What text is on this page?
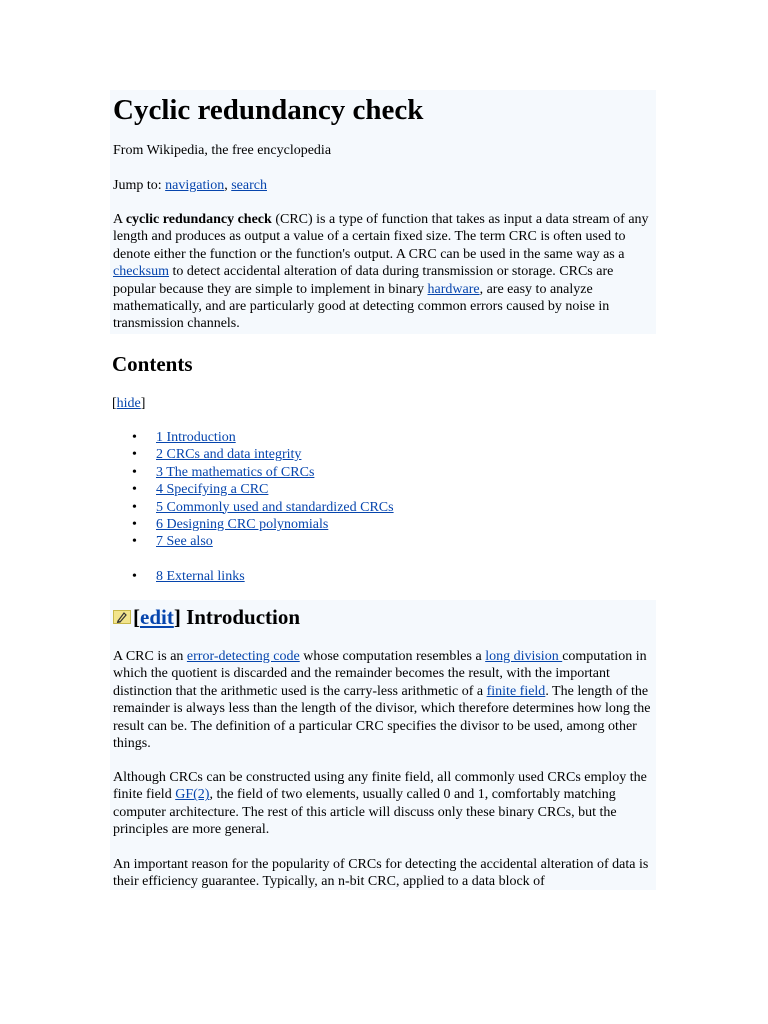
Cyclic redundancy check
From Wikipedia, the free encyclopedia
Jump to: navigation, search

A cyclic redundancy check (CRC) is a type of function that takes as input a data stream of any length and produces as output a value of a certain fixed size. The term CRC is often used to denote either the function or the function's output. A CRC can be used in the same way as a checksum to detect accidental alteration of data during transmission or storage. CRCs are popular because they are simple to implement in binary hardware, are easy to analyze mathematically, and are particularly good at detecting common errors caused by noise in transmission channels.

Contents
[hide]
• 1 Introduction
• 2 CRCs and data integrity
• 3 The mathematics of CRCs
• 4 Specifying a CRC
• 5 Commonly used and standardized CRCs
• 6 Designing CRC polynomials
• 7 See also
• 8 External links
[ edit ] Introduction

A CRC is an error-detecting code whose computation resembles a long division computation in which the quotient is discarded and the remainder becomes the result, with the important distinction that the arithmetic used is the carry-less arithmetic of a finite field. The length of the remainder is always less than the length of the divisor, which therefore determines how long the result can be. The definition of a particular CRC specifies the divisor to be used, among other things.

Although CRCs can be constructed using any finite field, all commonly used CRCs employ the finite field GF(2), the field of two elements, usually called 0 and 1, comfortably matching computer architecture. The rest of this article will discuss only these binary CRCs, but the principles are more general.

An important reason for the popularity of CRCs for detecting the accidental alteration of data is their efficiency guarantee. Typically, an n-bit CRC, applied to a data block of
